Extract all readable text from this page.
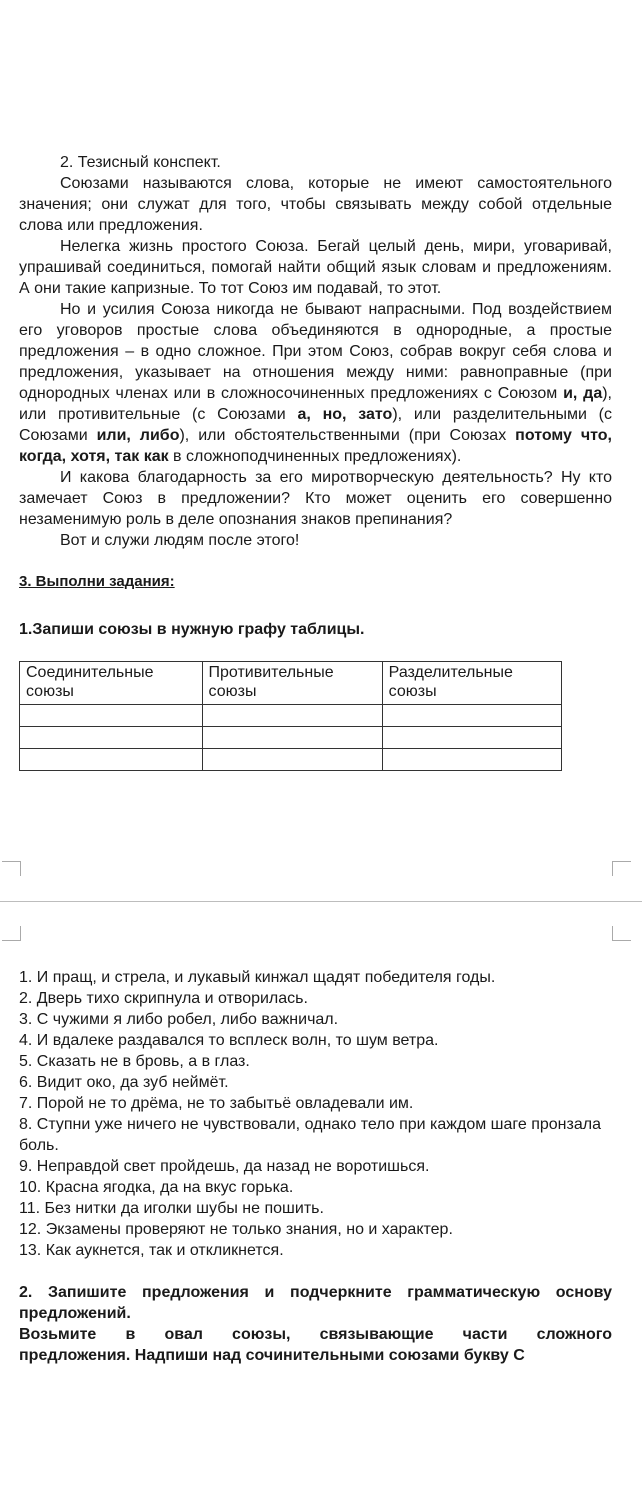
2. Тезисный конспект.

Союзами называются слова, которые не имеют самостоятельного значения; они служат для того, чтобы связывать между собой отдельные слова или предложения.

Нелегка жизнь простого Союза. Бегай целый день, мири, уговаривай, упрашивай соединиться, помогай найти общий язык словам и предложениям. А они такие капризные. То тот Союз им подавай, то этот.

Но и усилия Союза никогда не бывают напрасными. Под воздействием его уговоров простые слова объединяются в однородные, а простые предложения – в одно сложное. При этом Союз, собрав вокруг себя слова и предложения, указывает на отношения между ними: равноправные (при однородных членах или в сложносочиненных предложениях с Союзом и, да), или противительные (с Союзами а, но, зато), или разделительными (с Союзами или, либо), или обстоятельственными (при Союзах потому что, когда, хотя, так как в сложноподчиненных предложениях).

И какова благодарность за его миротворческую деятельность? Ну кто замечает Союз в предложении? Кто может оценить его совершенно незаменимую роль в деле опознания знаков препинания?

Вот и служи людям после этого!

3. Выполни задания:
1.Запиши союзы в нужную графу таблицы.
Соединительные союзы	Противительные союзы	Разделительные союзы

1. И пращ, и стрела, и лукавый кинжал щадят победителя годы.
2. Дверь тихо скрипнула и отворилась.
3. С чужими я либо робел, либо важничал.
4. И вдалеке раздавался то всплеск волн, то шум ветра.
5. Сказать не в бровь, а в глаз.
6. Видит око, да зуб неймёт.
7. Порой не то дрёма, не то забытьё овладевали им.
8. Ступни уже ничего не чувствовали, однако тело при каждом шаге пронзала боль.
9. Неправдой свет пройдешь, да назад не воротишься.
10. Красна ягодка, да на вкус горька.
11. Без нитки да иголки шубы не пошить.
12. Экзамены проверяют не только знания, но и характер.
13. Как аукнется, так и откликнется.

2. Запишите предложения и подчеркните грамматическую основу предложений.

Возьмите в овал союзы, связывающие части сложного

предложения. Надпиши над сочинительными союзами букву С
